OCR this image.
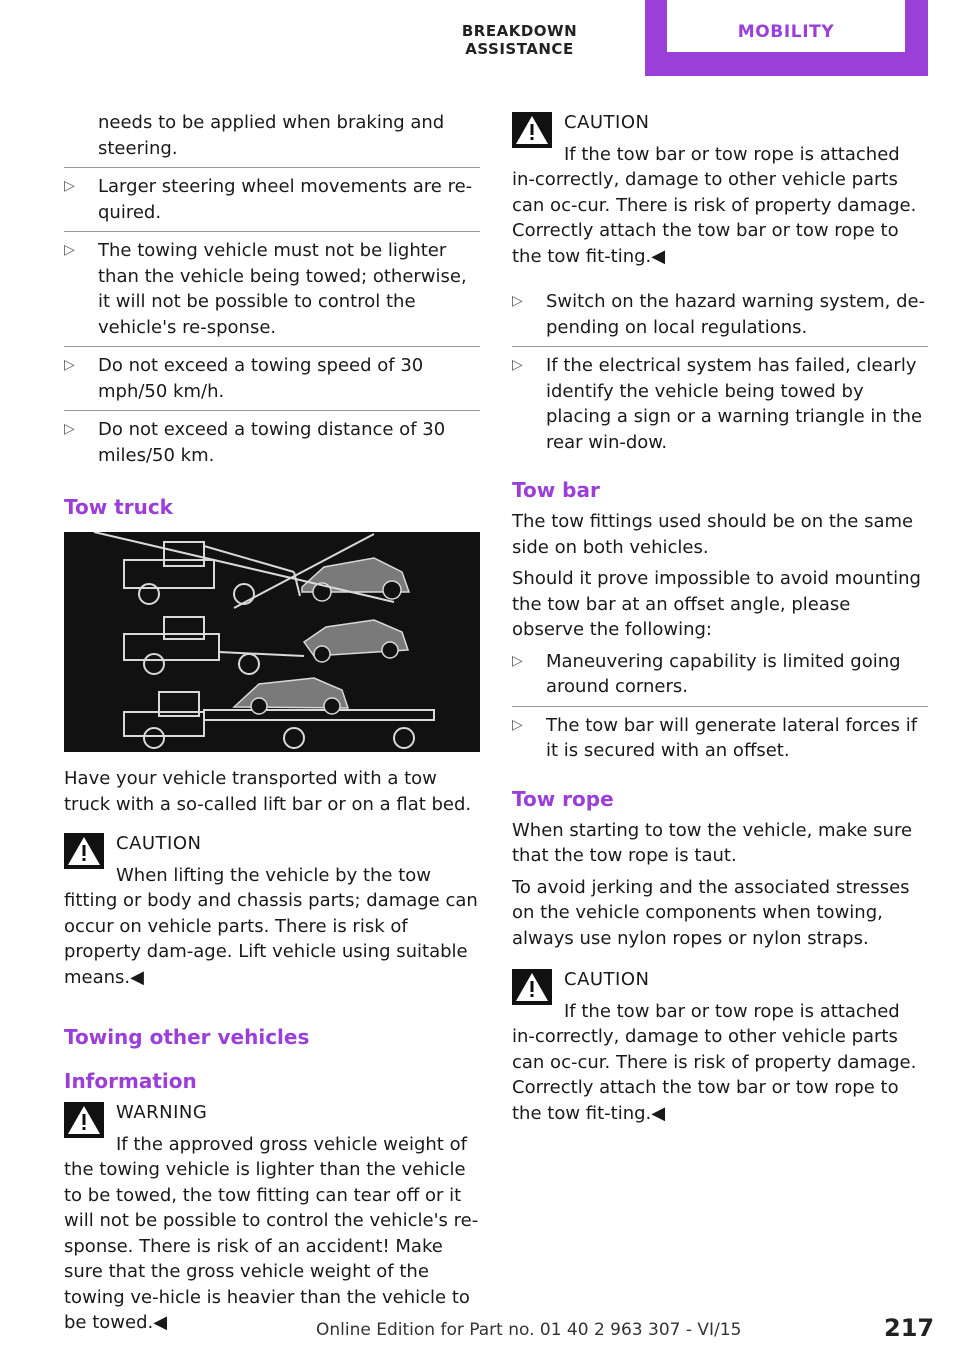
BREAKDOWN ASSISTANCE
MOBILITY

needs to be applied when braking and steering.

▷ Larger steering wheel movements are re‐quired.
▷ The towing vehicle must not be lighter than the vehicle being towed; otherwise, it will not be possible to control the vehicle's re‐sponse.
▷ Do not exceed a towing speed of 30 mph/50 km/h.
▷ Do not exceed a towing distance of 30 miles/50 km.
Tow truck

Have your vehicle transported with a tow truck with a so-called lift bar or on a flat bed.

CAUTION
When lifting the vehicle by the tow fitting or body and chassis parts; damage can occur on vehicle parts. There is risk of property dam‐age. Lift vehicle using suitable means.◀
Towing other vehicles
Information
WARNING
If the approved gross vehicle weight of the towing vehicle is lighter than the vehicle to be towed, the tow fitting can tear off or it will not be possible to control the vehicle's re‐sponse. There is risk of an accident! Make sure that the gross vehicle weight of the towing ve‐hicle is heavier than the vehicle to be towed.◀
CAUTION
If the tow bar or tow rope is attached in‐correctly, damage to other vehicle parts can oc‐cur. There is risk of property damage. Correctly attach the tow bar or tow rope to the tow fit‐ting.◀
▷ Switch on the hazard warning system, de‐pending on local regulations.
▷ If the electrical system has failed, clearly identify the vehicle being towed by placing a sign or a warning triangle in the rear win‐dow.
Tow bar

The tow fittings used should be on the same side on both vehicles.

Should it prove impossible to avoid mounting the tow bar at an offset angle, please observe the following:

▷ Maneuvering capability is limited going around corners.
▷ The tow bar will generate lateral forces if it is secured with an offset.
Tow rope

When starting to tow the vehicle, make sure that the tow rope is taut.

To avoid jerking and the associated stresses on the vehicle components when towing, always use nylon ropes or nylon straps.

CAUTION
If the tow bar or tow rope is attached in‐correctly, damage to other vehicle parts can oc‐cur. There is risk of property damage. Correctly attach the tow bar or tow rope to the tow fit‐ting.◀
Online Edition for Part no. 01 40 2 963 307 - VI/15	217
